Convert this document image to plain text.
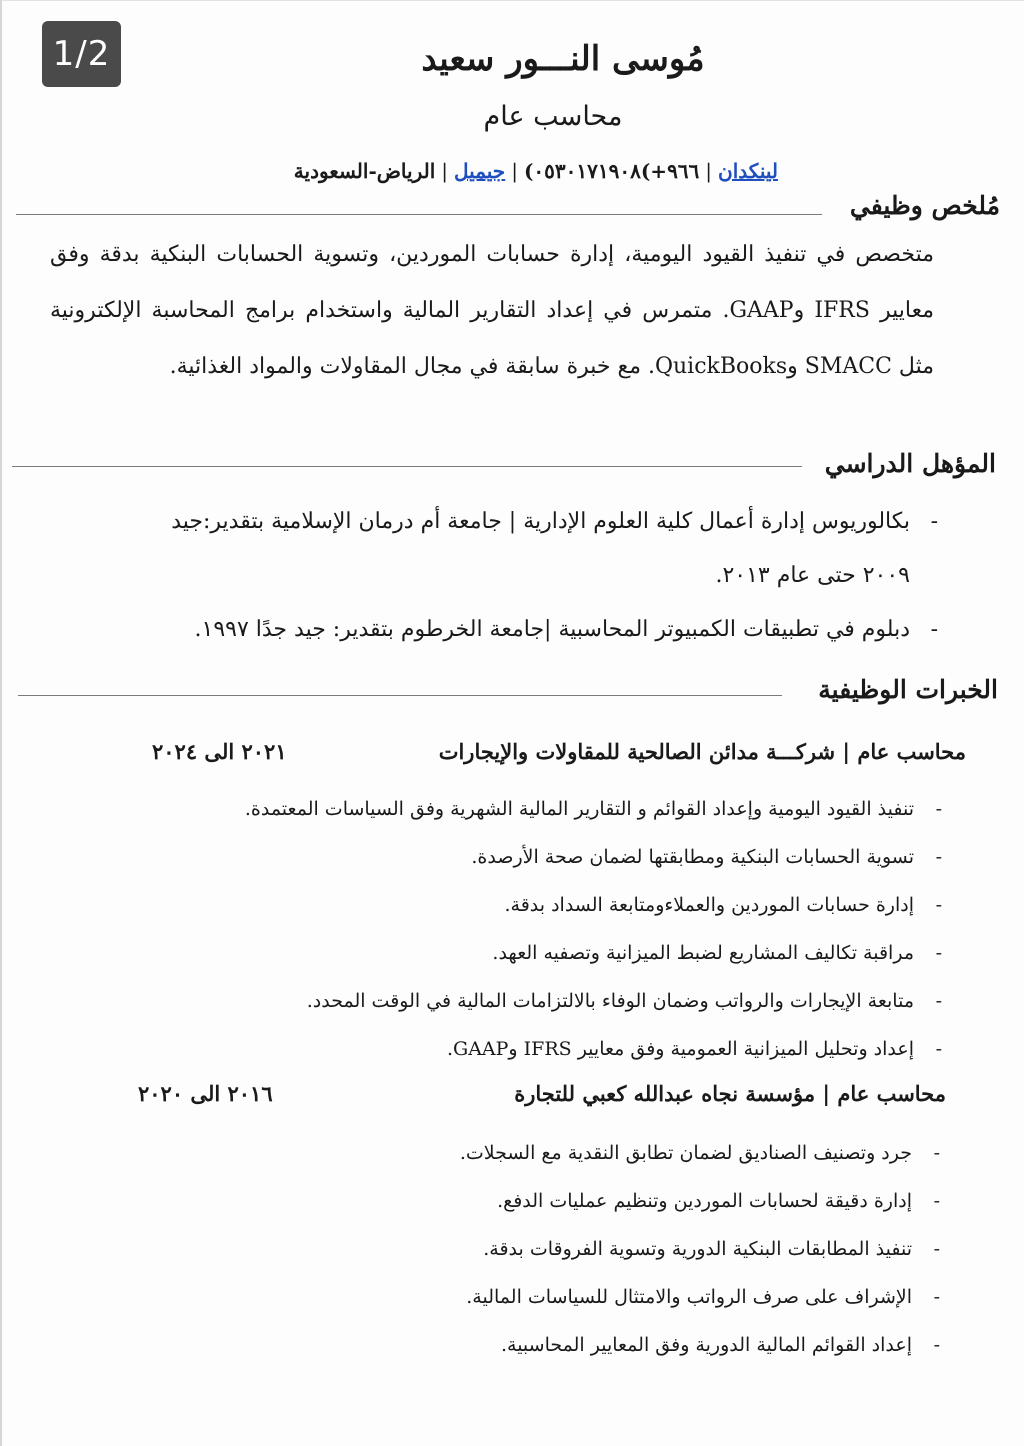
1/2	مُوسى النـــور سعيد
محاسب عام
لينكدان|٩٦٦+)٠٥٣٠١٧١٩٠٨)|جيميل|الرياض-السعودية
مُلخص وظيفي
متخصص في تنفيذ القيود اليومية، إدارة حسابات الموردين، وتسوية الحسابات البنكية بدقة وفق معايير IFRS وGAAP. متمرس في إعداد التقارير المالية واستخدام برامج المحاسبة الإلكترونية مثل SMACC وQuickBooks. مع خبرة سابقة في مجال المقاولات والمواد الغذائية.
المؤهل الدراسي
-
بكالوريوس إدارة أعمال كلية العلوم الإدارية | جامعة أم درمان الإسلامية بتقدير:جيد ٢٠٠٩ حتى عام ٢٠١٣.
-
دبلوم في تطبيقات الكمبيوتر المحاسبية |جامعة الخرطوم بتقدير: جيد جدًا ١٩٩٧.
الخبرات الوظيفية
محاسب عام | شركـــة مدائن الصالحية للمقاولات والإيجارات
٢٠٢١ الى ٢٠٢٤
-
تنفيذ القيود اليومية وإعداد القوائم و التقارير المالية الشهرية وفق السياسات المعتمدة.
-
تسوية الحسابات البنكية ومطابقتها لضمان صحة الأرصدة.
-
إدارة حسابات الموردين والعملاءومتابعة السداد بدقة.
-
مراقبة تكاليف المشاريع لضبط الميزانية وتصفيه العهد.
-
متابعة الإيجارات والرواتب وضمان الوفاء بالالتزامات المالية في الوقت المحدد.
-
إعداد وتحليل الميزانية العمومية وفق معايير IFRS وGAAP.
محاسب عام | مؤسسة نجاه عبدالله كعبي للتجارة
٢٠١٦ الى ٢٠٢٠
-
جرد وتصنيف الصناديق لضمان تطابق النقدية مع السجلات.
-
إدارة دقيقة لحسابات الموردين وتنظيم عمليات الدفع.
-
تنفيذ المطابقات البنكية الدورية وتسوية الفروقات بدقة.
-
الإشراف على صرف الرواتب والامتثال للسياسات المالية.
-
إعداد القوائم المالية الدورية وفق المعايير المحاسبية.
